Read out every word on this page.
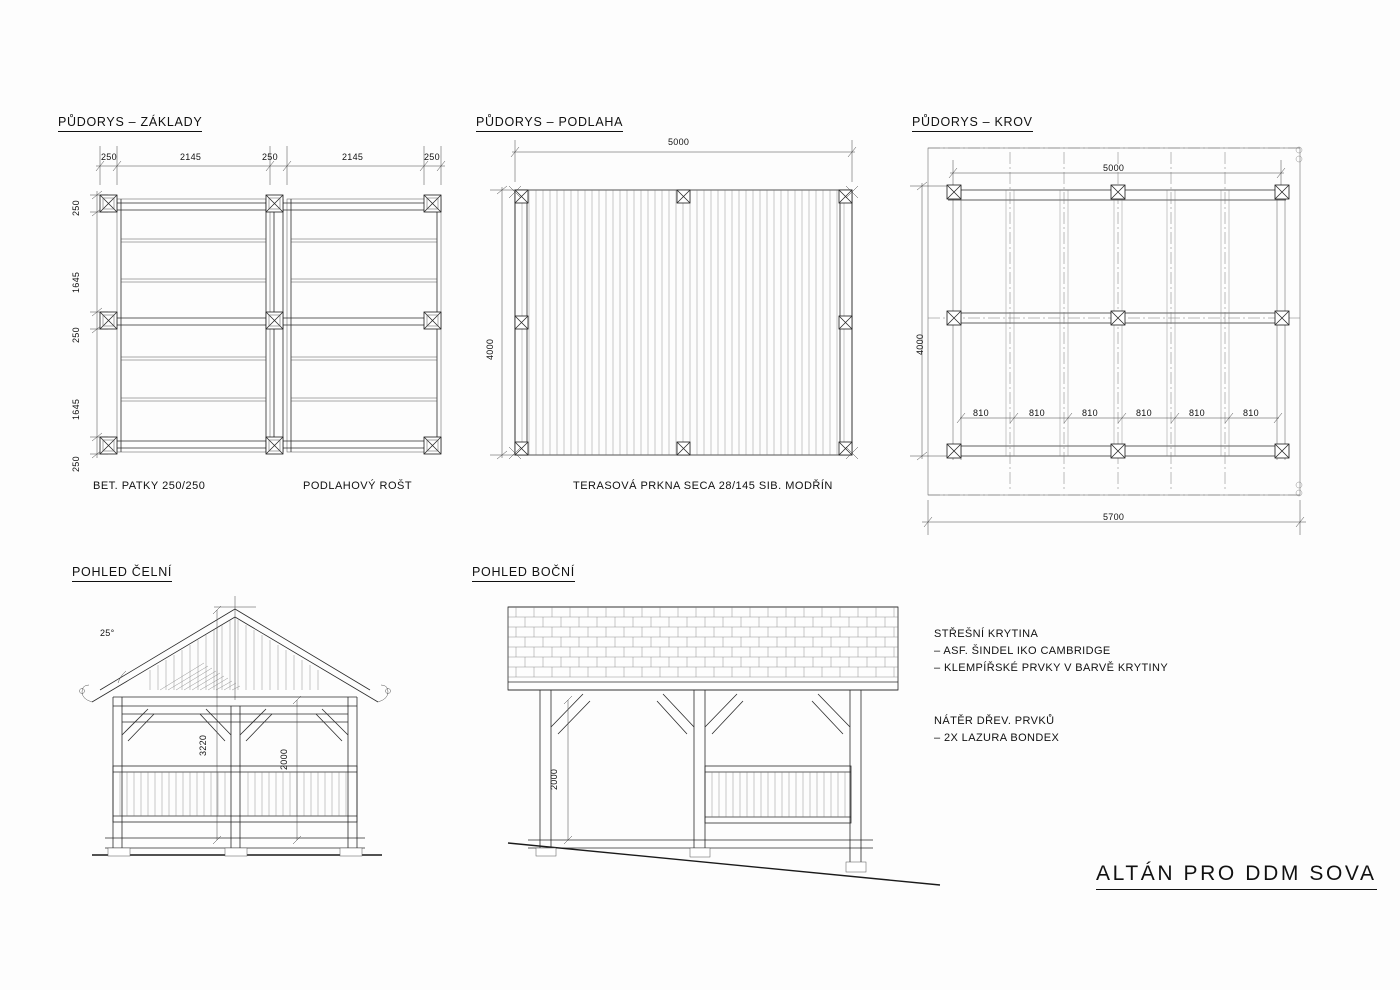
PŮDORYS – ZÁKLADY	PŮDORYS – PODLAHA	PŮDORYS – KROV
POHLED ČELNÍ	POHLED BOČNÍ
BET. PATKY 250/250	PODLAHOVÝ ROŠT	TERASOVÁ PRKNA SECA 28/145 SIB. MODŘÍN
STŘEŠNÍ KRYTINA
– ASF. ŠINDEL IKO CAMBRIDGE
– KLEMPÍŘSKÉ PRVKY V BARVĚ KRYTINY
NÁTĚR DŘEV. PRVKŮ
– 2X LAZURA BONDEX
ALTÁN PRO DDM SOVA
250	2145	250	2145	250
250
1645
250
1645
250
5000
4000
5000
4000
5700
810	810	810	810	810	810
25°
3220
2000
2000
